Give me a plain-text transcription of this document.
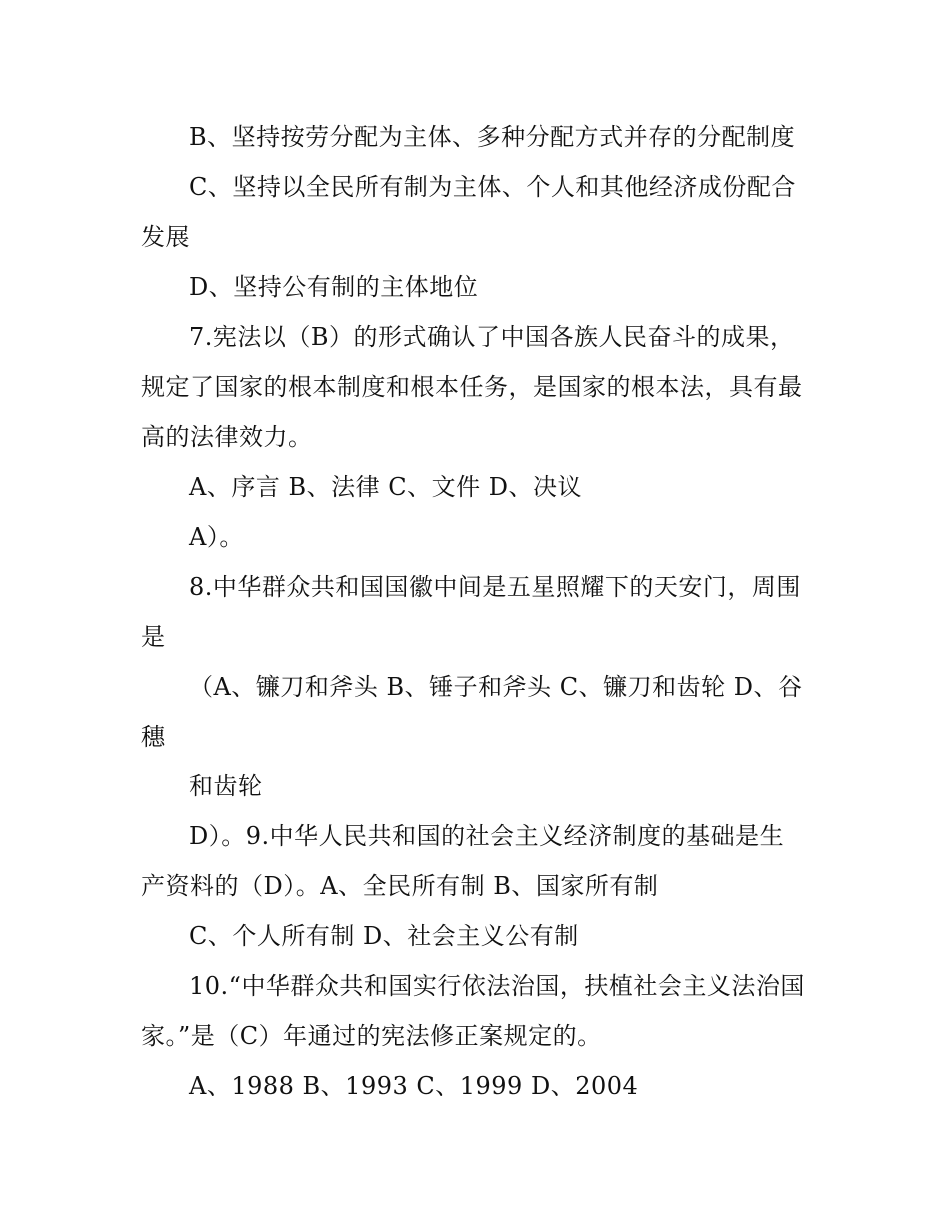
B、坚持按劳分配为主体、多种分配方式并存的分配制度
C、坚持以全民所有制为主体、个人和其他经济成份配合
发展
D、坚持公有制的主体地位
7.宪法以（B）的形式确认了中国各族人民奋斗的成果，
规定了国家的根本制度和根本任务，是国家的根本法，具有最
高的法律效力。
A、序言 B、法律 C、文件 D、决议
A）。
8.中华群众共和国国徽中间是五星照耀下的天安门，周围
是
（A、镰刀和斧头 B、锤子和斧头 C、镰刀和齿轮 D、谷
穗
和齿轮
D）。9.中华人民共和国的社会主义经济制度的基础是生
产资料的（D）。A、全民所有制 B、国家所有制
C、个人所有制 D、社会主义公有制
10.“中华群众共和国实行依法治国，扶植社会主义法治国
家。”是（C）年通过的宪法修正案规定的。
A、1988 B、1993 C、1999 D、2004
